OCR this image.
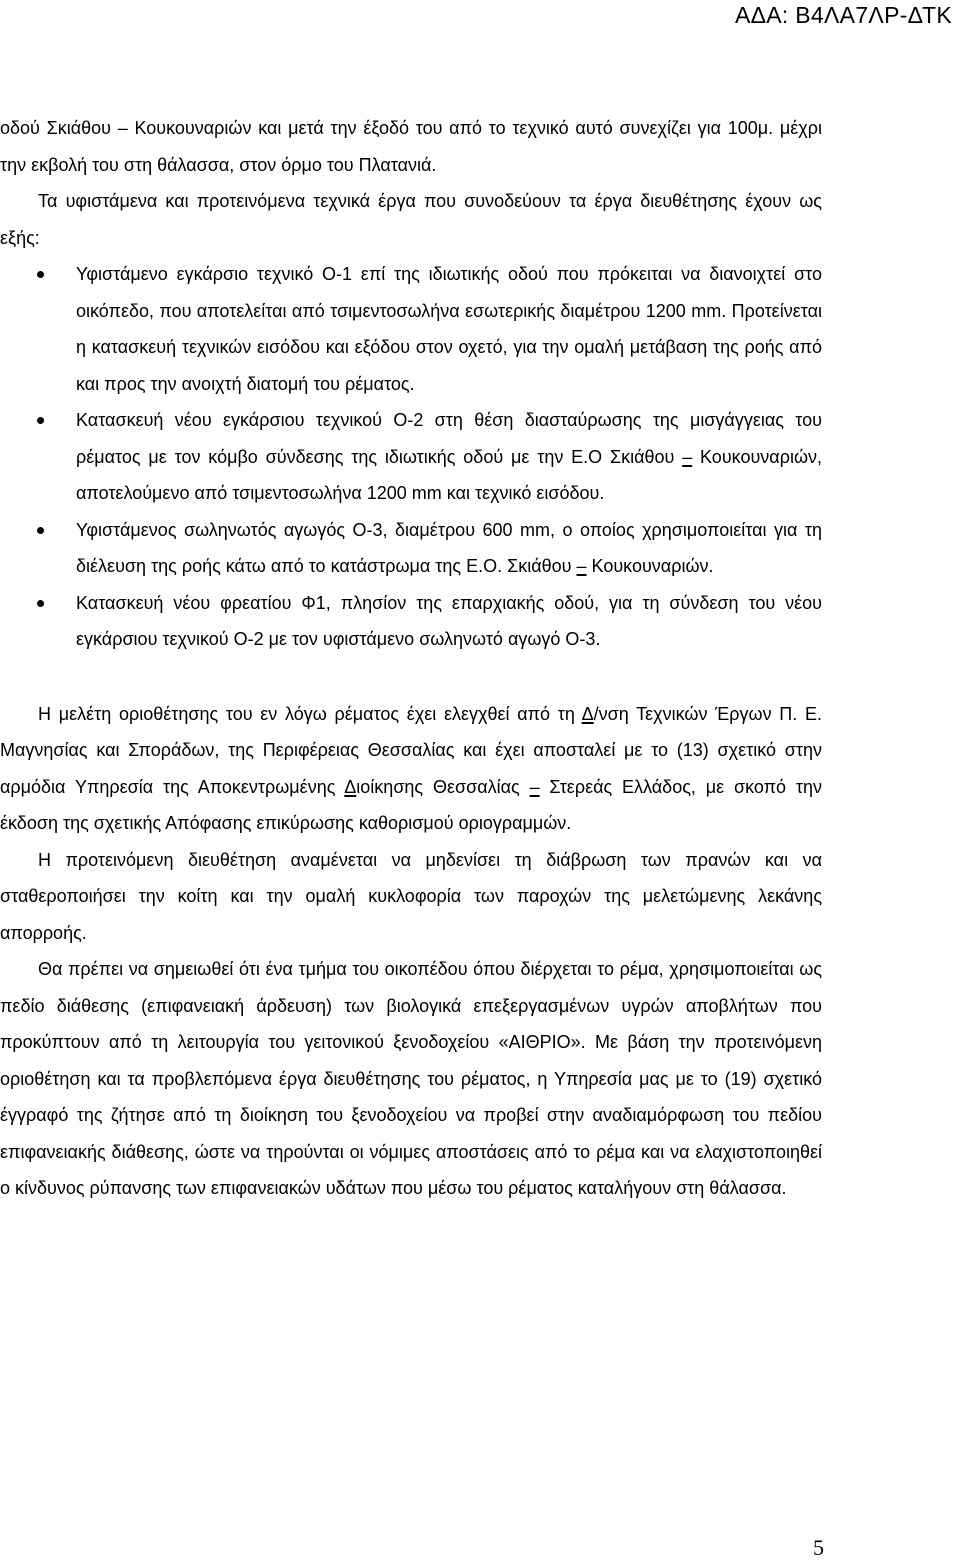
ΑΔΑ: Β4ΛΑ7ΛΡ-ΔΤΚ

οδού Σκιάθου – Κουκουναριών και μετά την έξοδό του από το τεχνικό αυτό συνεχίζει για 100μ. μέχρι την εκβολή του στη θάλασσα, στον όρμο του Πλατανιά.

Τα υφιστάμενα και προτεινόμενα τεχνικά έργα που συνοδεύουν τα έργα διευθέτησης έχουν ως εξής:

Υφιστάμενο εγκάρσιο τεχνικό Ο-1 επί της ιδιωτικής οδού που πρόκειται να διανοιχτεί στο οικόπεδο, που αποτελείται από τσιμεντοσωλήνα εσωτερικής διαμέτρου 1200 mm. Προτείνεται η κατασκευή τεχνικών εισόδου και εξόδου στον οχετό, για την ομαλή μετάβαση της ροής από και προς την ανοιχτή διατομή του ρέματος.
Κατασκευή νέου εγκάρσιου τεχνικού Ο-2 στη θέση διασταύρωσης της μισγάγγειας του ρέματος με τον κόμβο σύνδεσης της ιδιωτικής οδού με την Ε.Ο Σκιάθου – Κουκουναριών, αποτελούμενο από τσιμεντοσωλήνα 1200 mm και τεχνικό εισόδου.
Υφιστάμενος σωληνωτός αγωγός Ο-3, διαμέτρου 600 mm, ο οποίος χρησιμοποιείται για τη διέλευση της ροής κάτω από το κατάστρωμα της Ε.Ο. Σκιάθου – Κουκουναριών.
Κατασκευή νέου φρεατίου Φ1, πλησίον της επαρχιακής οδού, για τη σύνδεση του νέου εγκάρσιου τεχνικού Ο-2 με τον υφιστάμενο σωληνωτό αγωγό Ο-3.

Η μελέτη οριοθέτησης του εν λόγω ρέματος έχει ελεγχθεί από τη Δ/νση Τεχνικών Έργων Π. Ε. Μαγνησίας και Σποράδων, της Περιφέρειας Θεσσαλίας και έχει αποσταλεί με το (13) σχετικό στην αρμόδια Υπηρεσία της Αποκεντρωμένης Διοίκησης Θεσσαλίας – Στερεάς Ελλάδος, με σκοπό την έκδοση της σχετικής Απόφασης επικύρωσης καθορισμού οριογραμμών.

Η προτεινόμενη διευθέτηση αναμένεται να μηδενίσει τη διάβρωση των πρανών και να σταθεροποιήσει την κοίτη και την ομαλή κυκλοφορία των παροχών της μελετώμενης λεκάνης απορροής.

Θα πρέπει να σημειωθεί ότι ένα τμήμα του οικοπέδου όπου διέρχεται το ρέμα, χρησιμοποιείται ως πεδίο διάθεσης (επιφανειακή άρδευση) των βιολογικά επεξεργασμένων υγρών αποβλήτων που προκύπτουν από τη λειτουργία του γειτονικού ξενοδοχείου «ΑΙΘΡΙΟ». Με βάση την προτεινόμενη οριοθέτηση και τα προβλεπόμενα έργα διευθέτησης του ρέματος, η Υπηρεσία μας με το (19) σχετικό έγγραφό της ζήτησε από τη διοίκηση του ξενοδοχείου να προβεί στην αναδιαμόρφωση του πεδίου επιφανειακής διάθεσης, ώστε να τηρούνται οι νόμιμες αποστάσεις από το ρέμα και να ελαχιστοποιηθεί ο κίνδυνος ρύπανσης των επιφανειακών υδάτων που μέσω του ρέματος καταλήγουν στη θάλασσα.

5
